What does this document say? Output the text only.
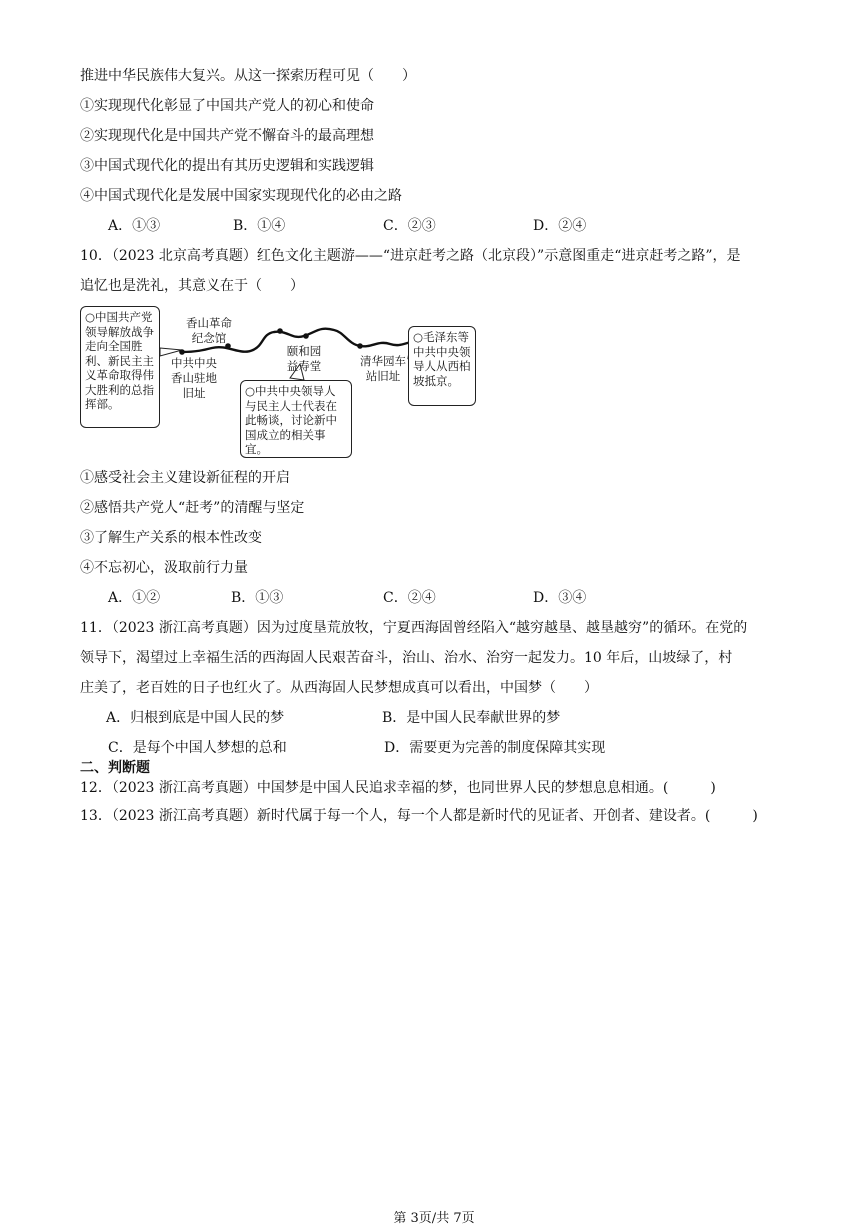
推进中华民族伟大复兴。从这一探索历程可见（　　）
①实现现代化彰显了中国共产党人的初心和使命
②实现现代化是中国共产党不懈奋斗的最高理想
③中国式现代化的提出有其历史逻辑和实践逻辑
④中国式现代化是发展中国家实现现代化的必由之路
A．①③	B．①④	C．②③	D．②④
10．（2023 北京高考真题）红色文化主题游——“进京赶考之路（北京段）”示意图重走“进京赶考之路”，是
追忆也是洗礼，其意义在于（　　）
○中国共产党领导解放战争走向全国胜利、新民主主义革命取得伟大胜利的总指挥部。
香山革命纪念馆
中共中央香山驻地旧址
颐和园益寿堂	清华园车站旧址
○中共中央领导人与民主人士代表在此畅谈，讨论新中国成立的相关事宜。
○毛泽东等中共中央领导人从西柏坡抵京。
①感受社会主义建设新征程的开启
②感悟共产党人“赶考”的清醒与坚定
③了解生产关系的根本性改变
④不忘初心，汲取前行力量
A．①②	B．①③	C．②④	D．③④
11．（2023 浙江高考真题）因为过度垦荒放牧，宁夏西海固曾经陷入“越穷越垦、越垦越穷”的循环。在党的
领导下，渴望过上幸福生活的西海固人民艰苦奋斗，治山、治水、治穷一起发力。10 年后，山坡绿了，村
庄美了，老百姓的日子也红火了。从西海固人民梦想成真可以看出，中国梦（　　）
A．归根到底是中国人民的梦	B．是中国人民奉献世界的梦
C．是每个中国人梦想的总和	D．需要更为完善的制度保障其实现
二、判断题
12．（2023 浙江高考真题）中国梦是中国人民追求幸福的梦，也同世界人民的梦想息息相通。(　　　)
13．（2023 浙江高考真题）新时代属于每一个人，每一个人都是新时代的见证者、开创者、建设者。(　　　)
第 3页/共 7页
